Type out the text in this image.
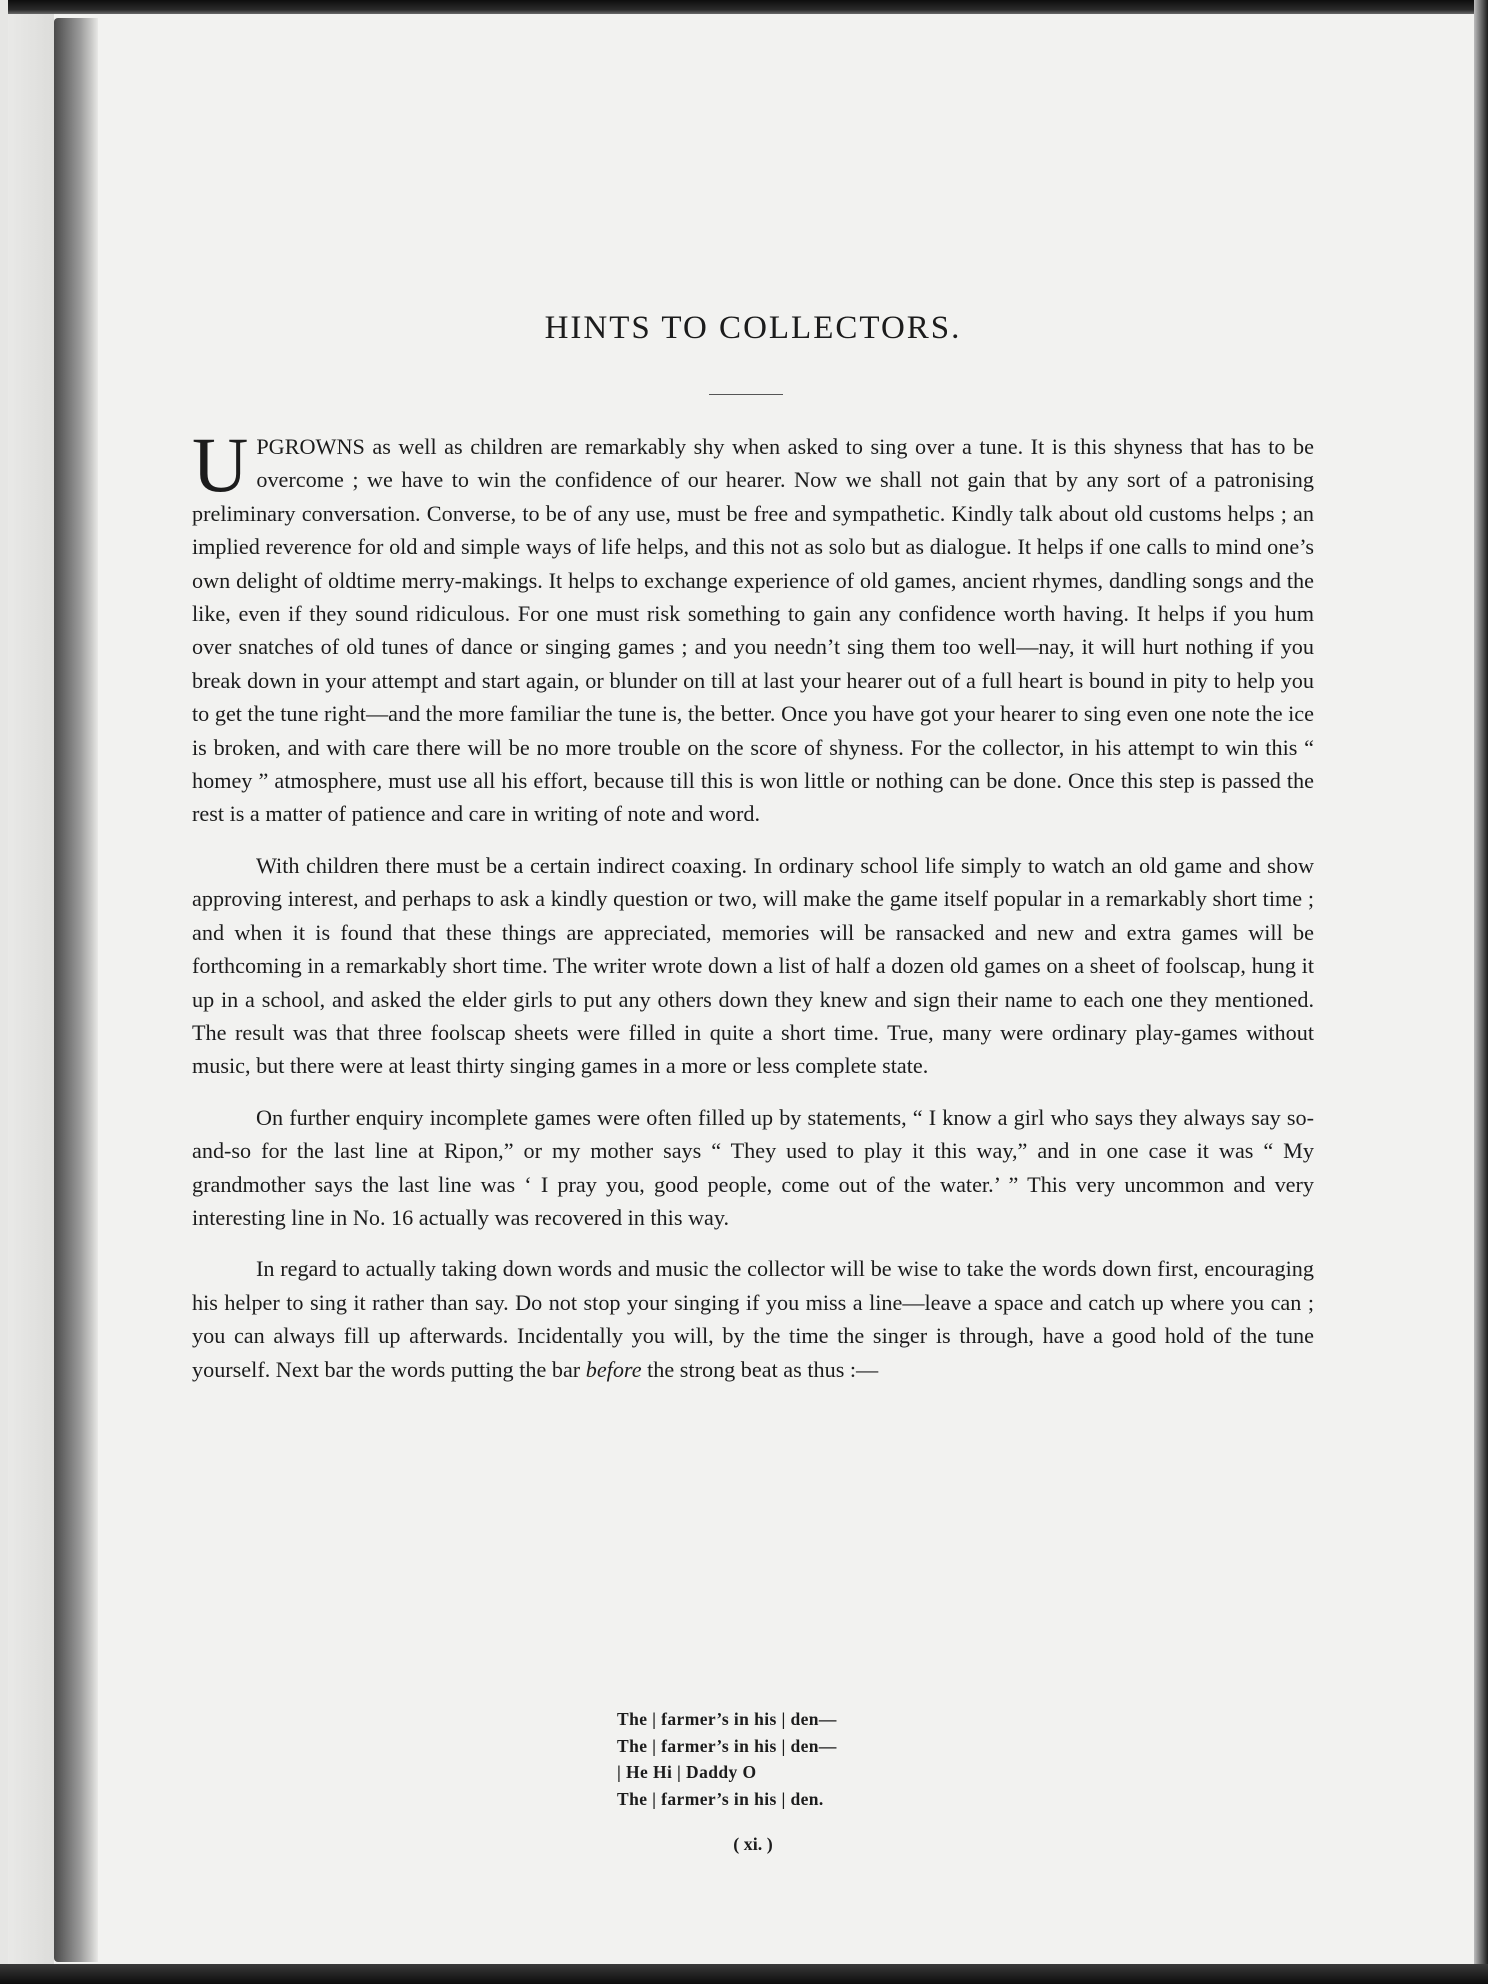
HINTS TO COLLECTORS.

UPGROWNS as well as children are remarkably shy when asked to sing over a tune. It is this shyness that has to be overcome ; we have to win the confidence of our hearer. Now we shall not gain that by any sort of a patronising preliminary conversation. Converse, to be of any use, must be free and sympathetic. Kindly talk about old customs helps ; an implied reverence for old and simple ways of life helps, and this not as solo but as dialogue. It helps if one calls to mind one’s own delight of oldtime merry-makings. It helps to exchange experience of old games, ancient rhymes, dandling songs and the like, even if they sound ridiculous. For one must risk something to gain any confidence worth having. It helps if you hum over snatches of old tunes of dance or singing games ; and you needn’t sing them too well—nay, it will hurt nothing if you break down in your attempt and start again, or blunder on till at last your hearer out of a full heart is bound in pity to help you to get the tune right—and the more familiar the tune is, the better. Once you have got your hearer to sing even one note the ice is broken, and with care there will be no more trouble on the score of shyness. For the collector, in his attempt to win this “ homey ” atmosphere, must use all his effort, because till this is won little or nothing can be done. Once this step is passed the rest is a matter of patience and care in writing of note and word.

With children there must be a certain indirect coaxing. In ordinary school life simply to watch an old game and show approving interest, and perhaps to ask a kindly question or two, will make the game itself popular in a remarkably short time ; and when it is found that these things are appreciated, memories will be ransacked and new and extra games will be forthcoming in a remarkably short time. The writer wrote down a list of half a dozen old games on a sheet of foolscap, hung it up in a school, and asked the elder girls to put any others down they knew and sign their name to each one they mentioned. The result was that three foolscap sheets were filled in quite a short time. True, many were ordinary play-games without music, but there were at least thirty singing games in a more or less complete state.

On further enquiry incomplete games were often filled up by statements, “ I know a girl who says they always say so-and-so for the last line at Ripon,” or my mother says “ They used to play it this way,” and in one case it was “ My grandmother says the last line was ‘ I pray you, good people, come out of the water.’ ” This very uncommon and very interesting line in No. 16 actually was recovered in this way.

In regard to actually taking down words and music the collector will be wise to take the words down first, encouraging his helper to sing it rather than say. Do not stop your singing if you miss a line—leave a space and catch up where you can ; you can always fill up afterwards. Incidentally you will, by the time the singer is through, have a good hold of the tune yourself. Next bar the words putting the bar before the strong beat as thus :—

The | farmer’s in his | den—
The | farmer’s in his | den—
| He Hi | Daddy O
The | farmer’s in his | den.
( xi. )
